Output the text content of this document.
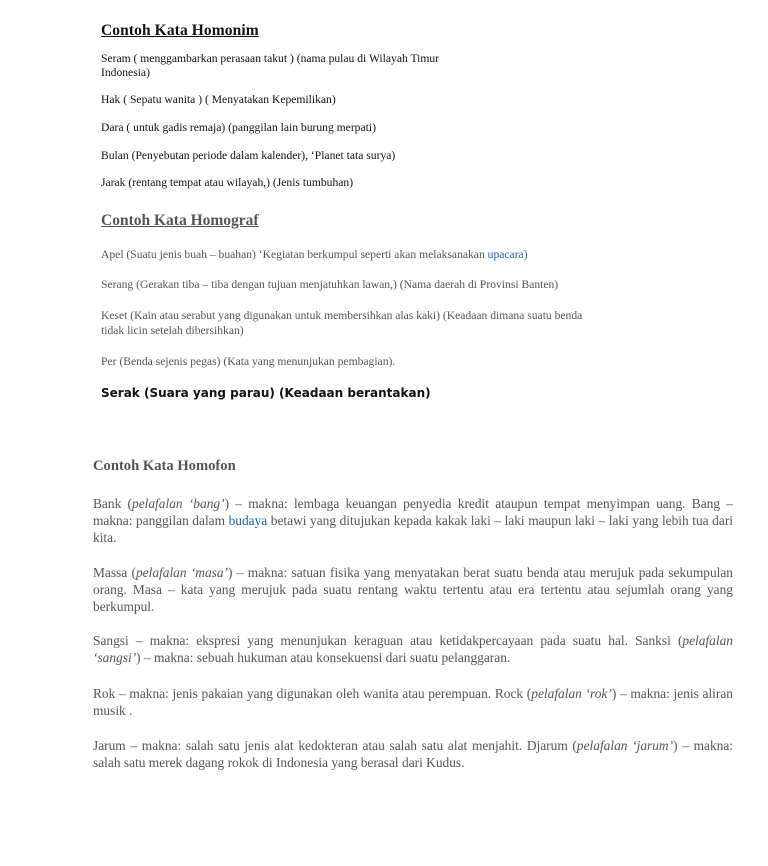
Contoh Kata Homonim
Seram ( menggambarkan perasaan takut ) (nama pulau di Wilayah Timur
Indonesia)
Hak ( Sepatu wanita ) ( Menyatakan Kepemilikan)
Dara ( untuk gadis remaja) (panggilan lain burung merpati)
Bulan (Penyebutan periode dalam kalender), ‘Planet tata surya)
Jarak (rentang tempat atau wilayah,) (Jenis tumbuhan)
Contoh Kata Homograf
Apel (Suatu jenis buah – buahan) ‘Kegiatan berkumpul seperti akan melaksanakan upacara)
Serang (Gerakan tiba – tiba dengan tujuan menjatuhkan lawan,) (Nama daerah di Provinsi Banten)
Keset (Kain atau serabut yang digunakan untuk membersihkan alas kaki) (Keadaan dimana suatu benda
tidak licin setelah dibersihkan)
Per (Benda sejenis pegas) (Kata yang menunjukan pembagian).
Serak (Suara yang parau) (Keadaan berantakan)
Contoh Kata Homofon
Bank (pelafalan ‘bang’) – makna: lembaga keuangan penyedia kredit ataupun tempat menyimpan uang. Bang – makna: panggilan dalam budaya betawi yang ditujukan kepada kakak laki – laki maupun laki – laki yang lebih tua dari kita.
Massa (pelafalan ‘masa’) – makna: satuan fisika yang menyatakan berat suatu benda atau merujuk pada sekumpulan orang. Masa – kata yang merujuk pada suatu rentang waktu tertentu atau era tertentu atau sejumlah orang yang berkumpul.
Sangsi – makna: ekspresi yang menunjukan keraguan atau ketidakpercayaan pada suatu hal. Sanksi (pelafalan ‘sangsi’) – makna: sebuah hukuman atau konsekuensi dari suatu pelanggaran.
Rok – makna: jenis pakaian yang digunakan oleh wanita atau perempuan. Rock (pelafalan ‘rok’) – makna: jenis aliran musik .
Jarum – makna: salah satu jenis alat kedokteran atau salah satu alat menjahit. Djarum (pelafalan ‘jarum’) – makna: salah satu merek dagang rokok di Indonesia yang berasal dari Kudus.
